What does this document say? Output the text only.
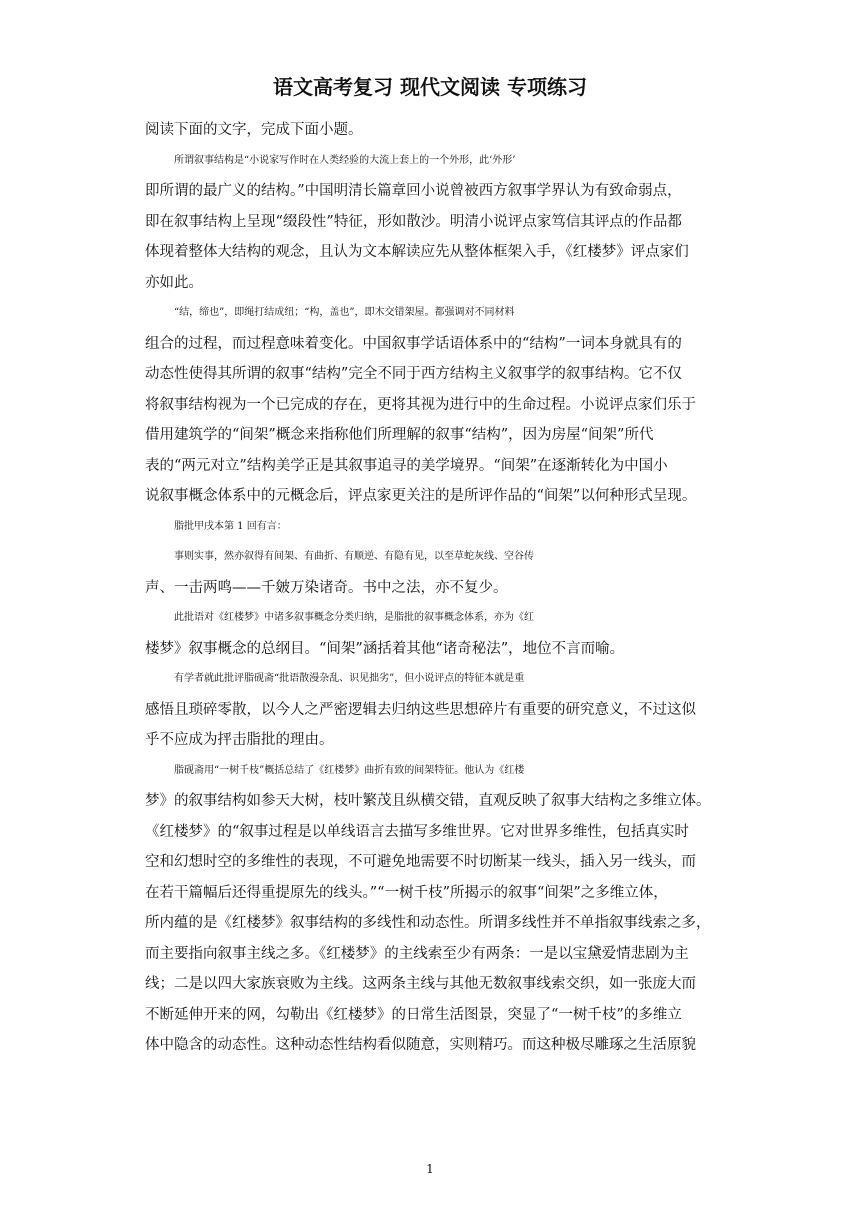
语文高考复习 现代文阅读 专项练习
阅读下面的文字，完成下面小题。
所谓叙事结构是“小说家写作时在人类经验的大流上套上的一个外形，此‘外形’
即所谓的最广义的结构。”中国明清长篇章回小说曾被西方叙事学界认为有致命弱点，
即在叙事结构上呈现“缀段性”特征，形如散沙。明清小说评点家笃信其评点的作品都
体现着整体大结构的观念，且认为文本解读应先从整体框架入手，《红楼梦》评点家们
亦如此。
“结，缔也”，即绳打结成纽；“构，盖也”，即木交错架屋。都强调对不同材料
组合的过程，而过程意味着变化。中国叙事学话语体系中的“结构”一词本身就具有的
动态性使得其所谓的叙事“结构”完全不同于西方结构主义叙事学的叙事结构。它不仅
将叙事结构视为一个已完成的存在，更将其视为进行中的生命过程。小说评点家们乐于
借用建筑学的“间架”概念来指称他们所理解的叙事“结构”，因为房屋“间架”所代
表的“两元对立”结构美学正是其叙事追寻的美学境界。“间架”在逐渐转化为中国小
说叙事概念体系中的元概念后，评点家更关注的是所评作品的“间架”以何种形式呈现。
脂批甲戌本第 1 回有言：
事则实事，然亦叙得有间架、有曲折、有顺逆、有隐有见，以至草蛇灰线、空谷传
声、一击两鸣——千皴万染诸奇。书中之法，亦不复少。
此批语对《红楼梦》中诸多叙事概念分类归纳，是脂批的叙事概念体系，亦为《红
楼梦》叙事概念的总纲目。“间架”涵括着其他“诸奇秘法”，地位不言而喻。
有学者就此批评脂砚斋“批语散漫杂乱、识见拙劣”，但小说评点的特征本就是重
感悟且琐碎零散，以今人之严密逻辑去归纳这些思想碎片有重要的研究意义，不过这似
乎不应成为抨击脂批的理由。
脂砚斋用“一树千枝”概括总结了《红楼梦》曲折有致的间架特征。他认为《红楼
梦》的叙事结构如参天大树，枝叶繁茂且纵横交错，直观反映了叙事大结构之多维立体。
《红楼梦》的“叙事过程是以单线语言去描写多维世界。它对世界多维性，包括真实时
空和幻想时空的多维性的表现，不可避免地需要不时切断某一线头，插入另一线头，而
在若干篇幅后还得重提原先的线头。”“一树千枝”所揭示的叙事“间架”之多维立体，
所内蕴的是《红楼梦》叙事结构的多线性和动态性。所谓多线性并不单指叙事线索之多，
而主要指向叙事主线之多。《红楼梦》的主线索至少有两条：一是以宝黛爱情悲剧为主
线；二是以四大家族衰败为主线。这两条主线与其他无数叙事线索交织，如一张庞大而
不断延伸开来的网，勾勒出《红楼梦》的日常生活图景，突显了“一树千枝”的多维立
体中隐含的动态性。这种动态性结构看似随意，实则精巧。而这种极尽雕琢之生活原貌
1
